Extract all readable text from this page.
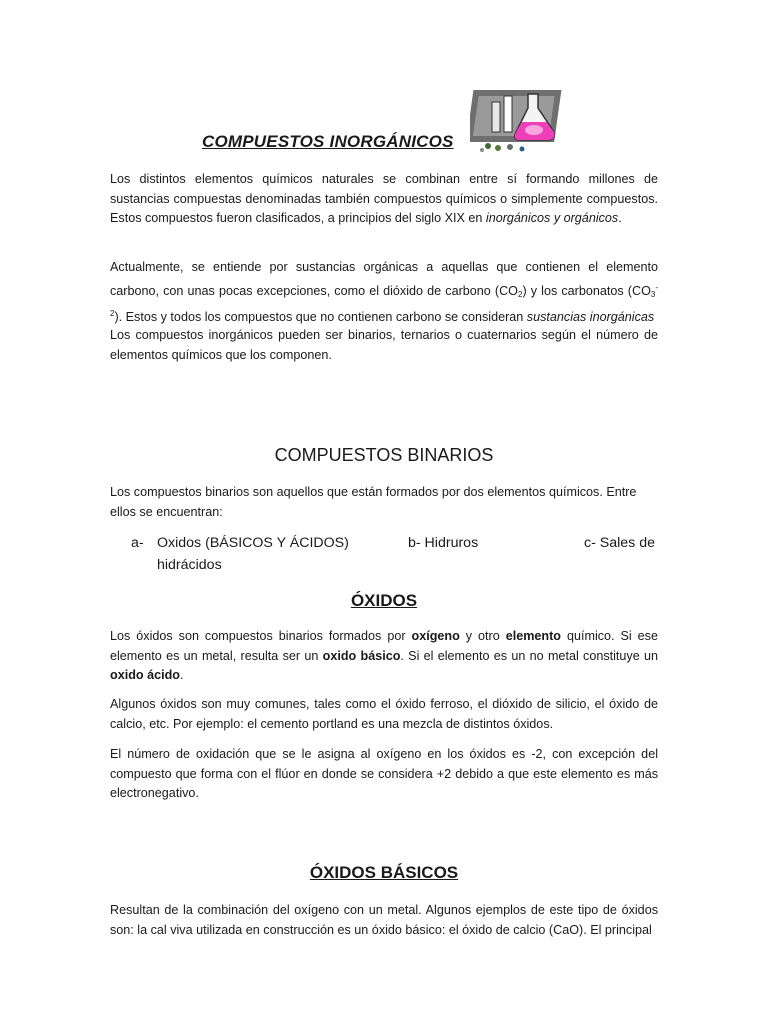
COMPUESTOS INORGÁNICOS

Los distintos elementos químicos naturales se combinan entre sí formando millones de sustancias compuestas denominadas también compuestos químicos o simplemente compuestos. Estos compuestos fueron clasificados, a principios del siglo XIX en inorgánicos y orgánicos.

Actualmente, se entiende por sustancias orgánicas a aquellas que contienen el elemento carbono, con unas pocas excepciones, como el dióxido de carbono $(CO_2)$ y los carbonatos $(CO_3^{-2})$. Estos y todos los compuestos que no contienen carbono se consideran sustancias inorgánicas

Los compuestos inorgánicos pueden ser binarios, ternarios o cuaternarios según el número de elementos químicos que los componen.

COMPUESTOS BINARIOS

Los compuestos binarios son aquellos que están formados por dos elementos químicos. Entre ellos se encuentran:

a- Oxidos (BÁSICOS Y ÁCIDOS)	b- Hidruros	c- Sales de
hidrácidos
ÓXIDOS

Los óxidos son compuestos binarios formados por oxígeno y otro elemento químico. Si ese elemento es un metal, resulta ser un oxido básico. Si el elemento es un no metal constituye un oxido ácido.

Algunos óxidos son muy comunes, tales como el óxido ferroso, el dióxido de silicio, el óxido de calcio, etc. Por ejemplo: el cemento portland es una mezcla de distintos óxidos.

El número de oxidación que se le asigna al oxígeno en los óxidos es -2, con excepción del compuesto que forma con el flúor en donde se considera +2 debido a que este elemento es más electronegativo.

ÓXIDOS BÁSICOS

Resultan de la combinación del oxígeno con un metal. Algunos ejemplos de este tipo de óxidos son: la cal viva utilizada en construcción es un óxido básico: el óxido de calcio (CaO). El principal
